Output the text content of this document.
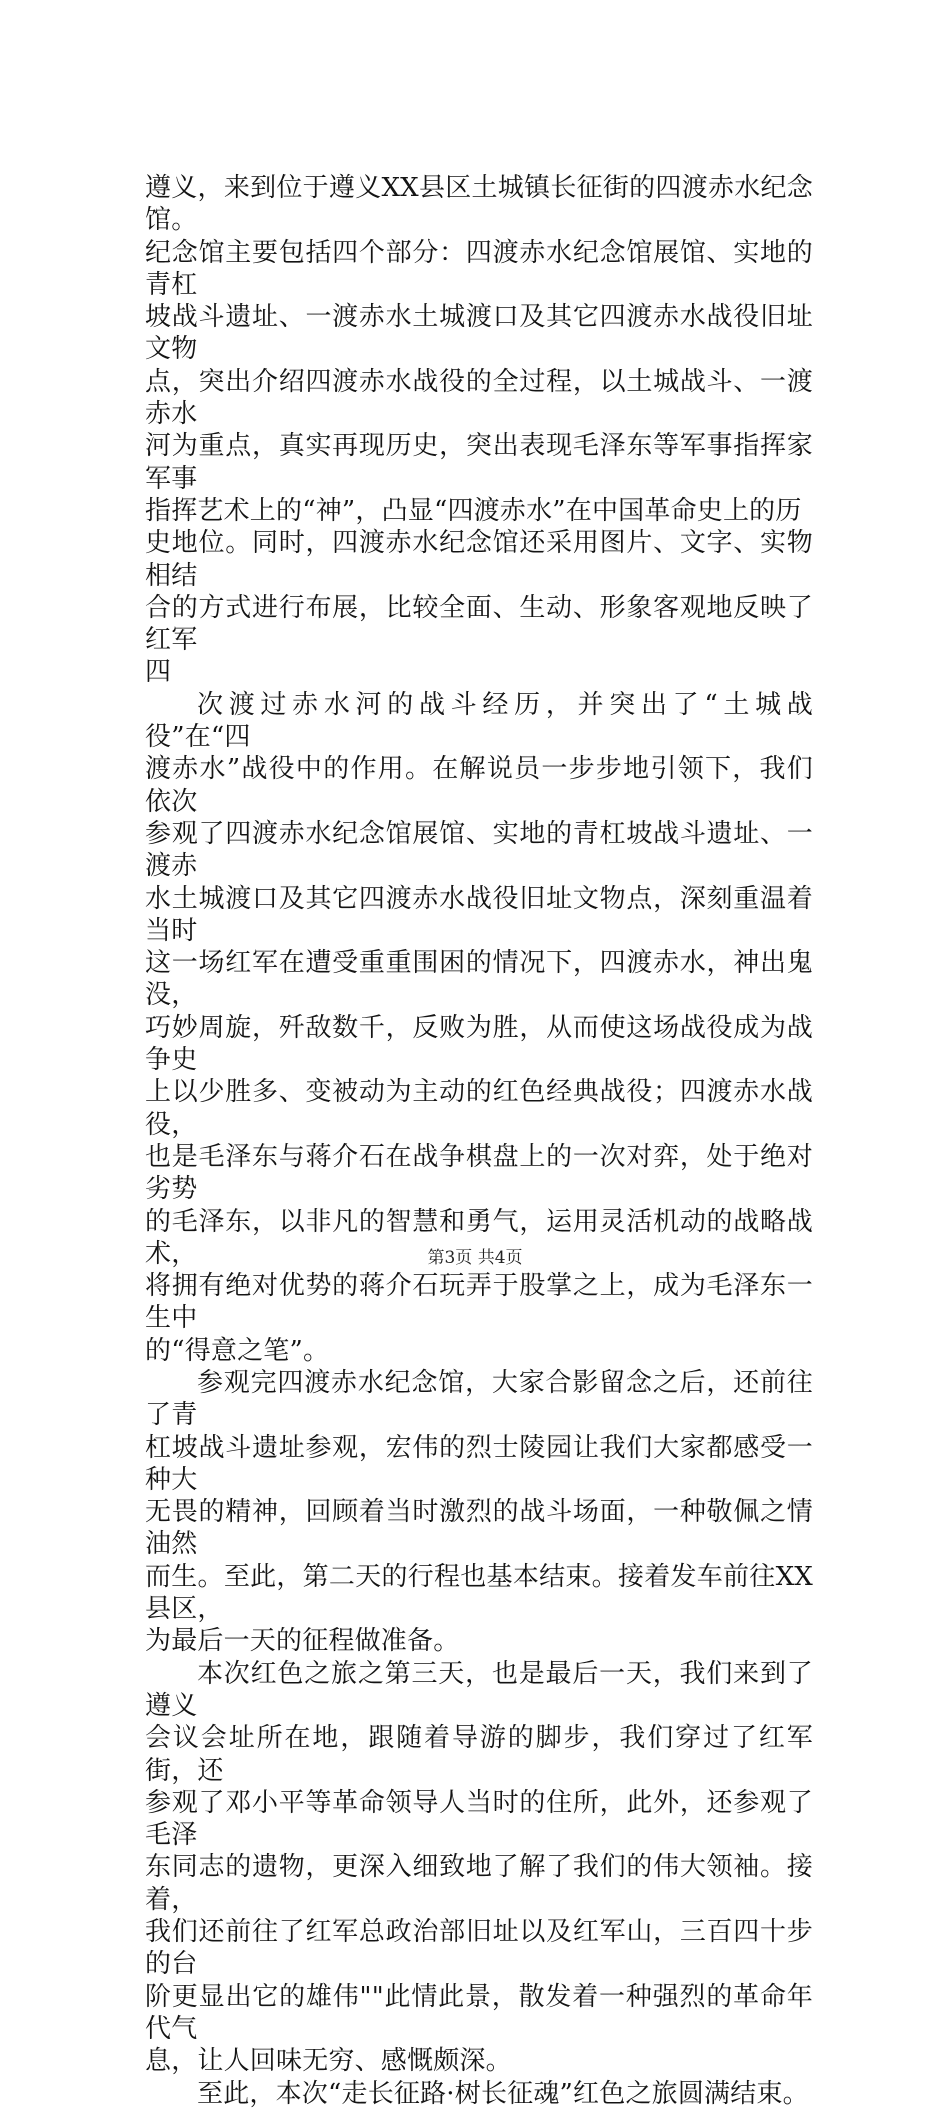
遵义，来到位于遵义XX县区土城镇长征街的四渡赤水纪念馆。
纪念馆主要包括四个部分：四渡赤水纪念馆展馆、实地的青杠
坡战斗遗址、一渡赤水土城渡口及其它四渡赤水战役旧址文物
点，突出介绍四渡赤水战役的全过程，以土城战斗、一渡赤水
河为重点，真实再现历史，突出表现毛泽东等军事指挥家军事
指挥艺术上的“神”，凸显“四渡赤水”在中国革命史上的历
史地位。同时，四渡赤水纪念馆还采用图片、文字、实物相结
合的方式进行布展，比较全面、生动、形象客观地反映了红军
四

次渡过赤水河的战斗经历，并突出了“土城战役”在“四
渡赤水”战役中的作用。在解说员一步步地引领下，我们依次
参观了四渡赤水纪念馆展馆、实地的青杠坡战斗遗址、一渡赤
水土城渡口及其它四渡赤水战役旧址文物点，深刻重温着当时
这一场红军在遭受重重围困的情况下，四渡赤水，神出鬼没，
巧妙周旋，歼敌数千，反败为胜，从而使这场战役成为战争史
上以少胜多、变被动为主动的红色经典战役；四渡赤水战役，
也是毛泽东与蒋介石在战争棋盘上的一次对弈，处于绝对劣势
的毛泽东，以非凡的智慧和勇气，运用灵活机动的战略战术，
将拥有绝对优势的蒋介石玩弄于股掌之上，成为毛泽东一生中
的“得意之笔”。

参观完四渡赤水纪念馆，大家合影留念之后，还前往了青
杠坡战斗遗址参观，宏伟的烈士陵园让我们大家都感受一种大
无畏的精神，回顾着当时激烈的战斗场面，一种敬佩之情油然
而生。至此，第二天的行程也基本结束。接着发车前往XX县区，
为最后一天的征程做准备。

本次红色之旅之第三天，也是最后一天，我们来到了遵义
会议会址所在地，跟随着导游的脚步，我们穿过了红军街，还
参观了邓小平等革命领导人当时的住所，此外，还参观了毛泽
东同志的遗物，更深入细致地了解了我们的伟大领袖。接着，
我们还前往了红军总政治部旧址以及红军山，三百四十步的台
阶更显出它的雄伟""此情此景，散发着一种强烈的革命年代气
息，让人回味无穷、感慨颇深。

至此，本次“走长征路·树长征魂”红色之旅圆满结束。

第3页 共4页
